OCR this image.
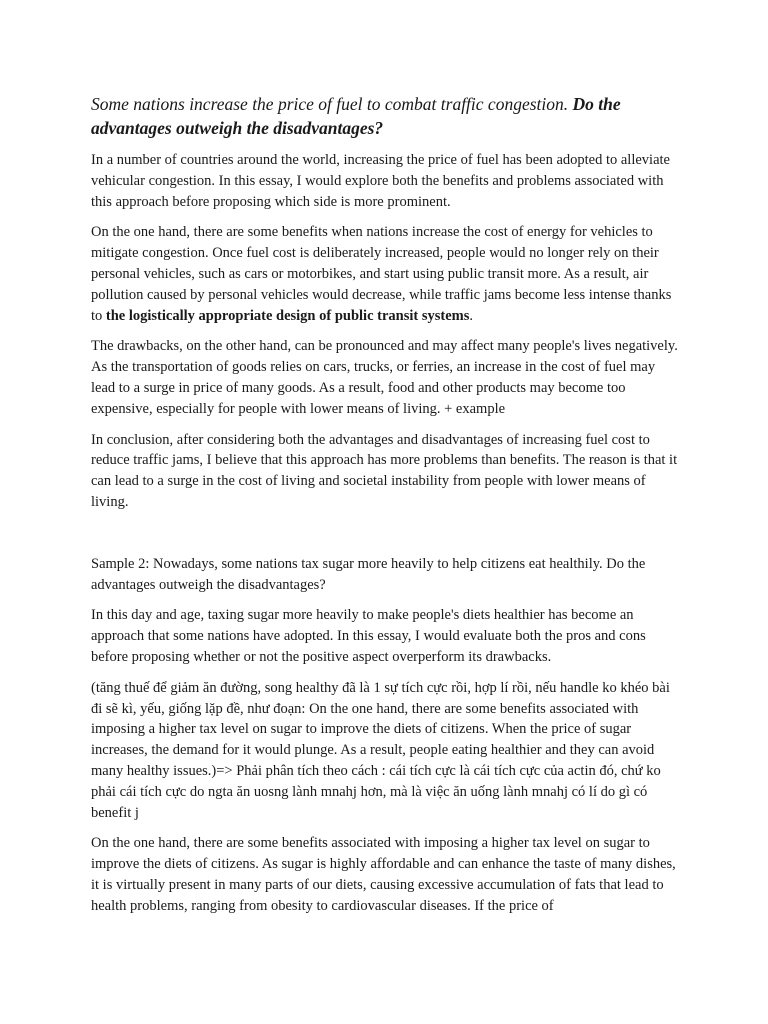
Some nations increase the price of fuel to combat traffic congestion. Do the advantages outweigh the disadvantages?

In a number of countries around the world, increasing the price of fuel has been adopted to alleviate vehicular congestion. In this essay, I would explore both the benefits and problems associated with this approach before proposing which side is more prominent.

On the one hand, there are some benefits when nations increase the cost of energy for vehicles to mitigate congestion. Once fuel cost is deliberately increased, people would no longer rely on their personal vehicles, such as cars or motorbikes, and start using public transit more. As a result, air pollution caused by personal vehicles would decrease, while traffic jams become less intense thanks to the logistically appropriate design of public transit systems.

The drawbacks, on the other hand, can be pronounced and may affect many people's lives negatively. As the transportation of goods relies on cars, trucks, or ferries, an increase in the cost of fuel may lead to a surge in price of many goods. As a result, food and other products may become too expensive, especially for people with lower means of living. + example

In conclusion, after considering both the advantages and disadvantages of increasing fuel cost to reduce traffic jams, I believe that this approach has more problems than benefits. The reason is that it can lead to a surge in the cost of living and societal instability from people with lower means of living.

Sample 2: Nowadays, some nations tax sugar more heavily to help citizens eat healthily. Do the advantages outweigh the disadvantages?

In this day and age, taxing sugar more heavily to make people's diets healthier has become an approach that some nations have adopted. In this essay, I would evaluate both the pros and cons before proposing whether or not the positive aspect overperform its drawbacks.

(tăng thuế để giảm ăn đường, song healthy đã là 1 sự tích cực rồi, hợp lí rồi, nếu handle ko khéo bài đi sẽ kì, yếu, giống lặp đề, như đoạn: On the one hand, there are some benefits associated with imposing a higher tax level on sugar to improve the diets of citizens. When the price of sugar increases, the demand for it would plunge. As a result, people eating healthier and they can avoid many healthy issues.)=> Phải phân tích theo cách : cái tích cực là cái tích cực của actin đó, chứ ko phải cái tích cực do ngta ăn uosng lành mnahj hơn, mà là việc ăn uống lành mnahj có lí do gì có benefit j

On the one hand, there are some benefits associated with imposing a higher tax level on sugar to improve the diets of citizens. As sugar is highly affordable and can enhance the taste of many dishes, it is virtually present in many parts of our diets, causing excessive accumulation of fats that lead to health problems, ranging from obesity to cardiovascular diseases. If the price of
